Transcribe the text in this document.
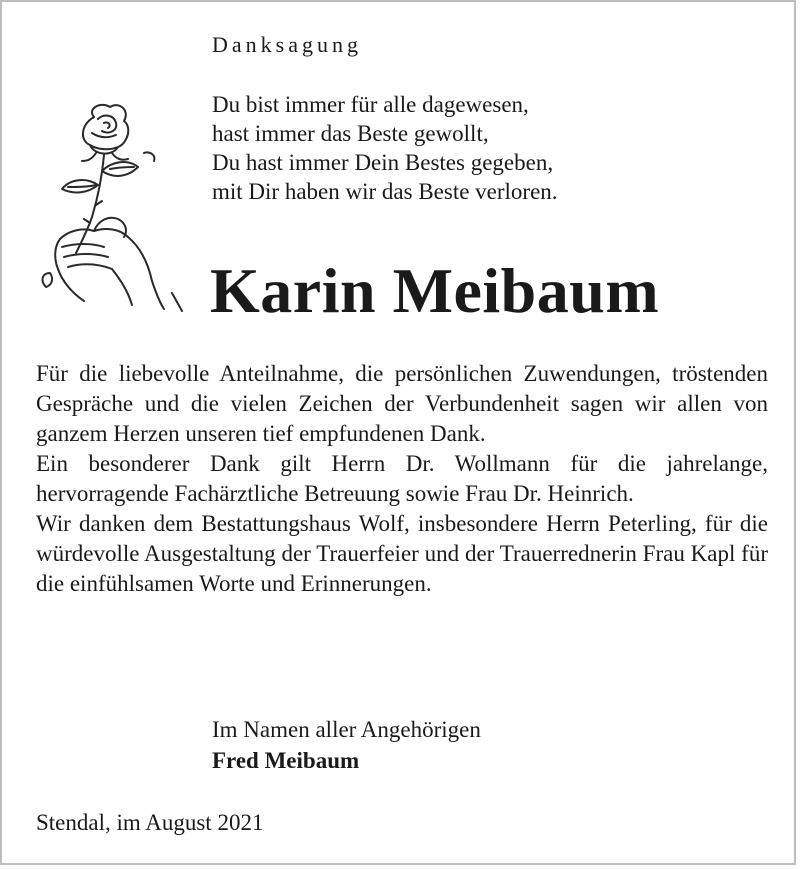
Danksagung
Du bist immer für alle dagewesen,
hast immer das Beste gewollt,
Du hast immer Dein Bestes gegeben,
mit Dir haben wir das Beste verloren.
Karin Meibaum

Für die liebevolle Anteilnahme, die persönlichen Zuwendungen, tröstenden Gespräche und die vielen Zeichen der Verbundenheit sagen wir allen von ganzem Herzen unseren tief empfundenen Dank.

Ein besonderer Dank gilt Herrn Dr. Wollmann für die jahrelange, hervorragende Fachärztliche Betreuung sowie Frau Dr. Heinrich.

Wir danken dem Bestattungshaus Wolf, insbesondere Herrn Peterling, für die würdevolle Ausgestaltung der Trauerfeier und der Trauerrednerin Frau Kapl für die einfühlsamen Worte und Erinnerungen.

Im Namen aller Angehörigen
Fred Meibaum

Stendal, im August 2021
